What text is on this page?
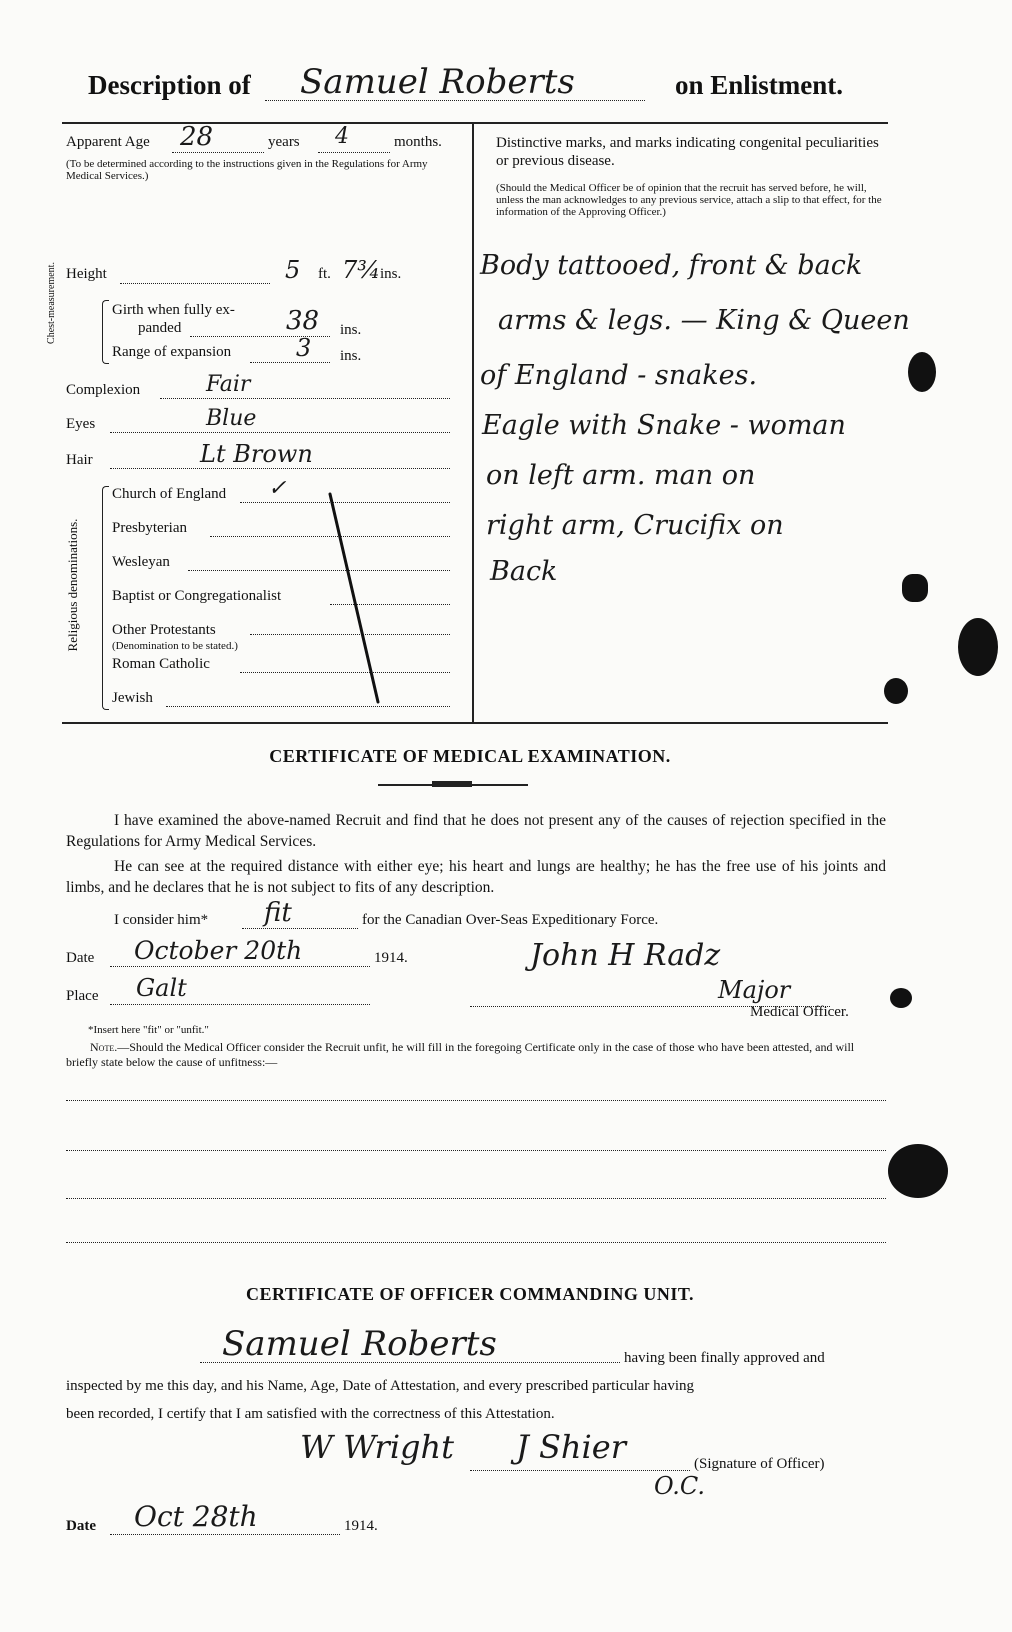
Description of Samuel Roberts	on Enlistment.
Apparent Age 28	years 4	months.
(To be determined according to the instructions given in the Regulations for Army Medical Services.)
Height	5 ft. 7¾ ins.
Chest-measurement.	Girth when fully ex-
panded	38 ins.
Range of expansion	3 ins.
Complexion	Fair
Eyes	Blue
Hair	Lt Brown
Religious denominations.
Church of England ✓
Presbyterian
Wesleyan
Baptist or Congregationalist
Other Protestants
(Denomination to be stated.)
Roman Catholic
Jewish
Distinctive marks, and marks indicating congenital peculiarities or previous disease.
(Should the Medical Officer be of opinion that the recruit has served before, he will, unless the man acknowledges to any previous service, attach a slip to that effect, for the information of the Approving Officer.)
Body tattooed, front & back
arms & legs. — King & Queen
of England - snakes.
Eagle with Snake - woman
on left arm. man on
right arm, Crucifix on
Back
CERTIFICATE OF MEDICAL EXAMINATION.
I have examined the above-named Recruit and find that he does not present any of the causes of rejection specified in the Regulations for Army Medical Services.
He can see at the required distance with either eye; his heart and lungs are healthy; he has the free use of his joints and limbs, and he declares that he is not subject to fits of any description.
I consider him* fit	for the Canadian Over-Seas Expeditionary Force.
Date October 20th	1914.	John H Radz
Place Galt	Major
Medical Officer.
*Insert here "fit" or "unfit."
Note.—Should the Medical Officer consider the Recruit unfit, he will fill in the foregoing Certificate only in the case of those who have been attested, and will briefly state below the cause of unfitness:—
CERTIFICATE OF OFFICER COMMANDING UNIT.
Samuel Roberts	having been finally approved and
inspected by me this day, and his Name, Age, Date of Attestation, and every prescribed particular having
been recorded, I certify that I am satisfied with the correctness of this Attestation.
W Wright J Shier	(Signature of Officer)
O.C.
Date Oct 28th	1914.
